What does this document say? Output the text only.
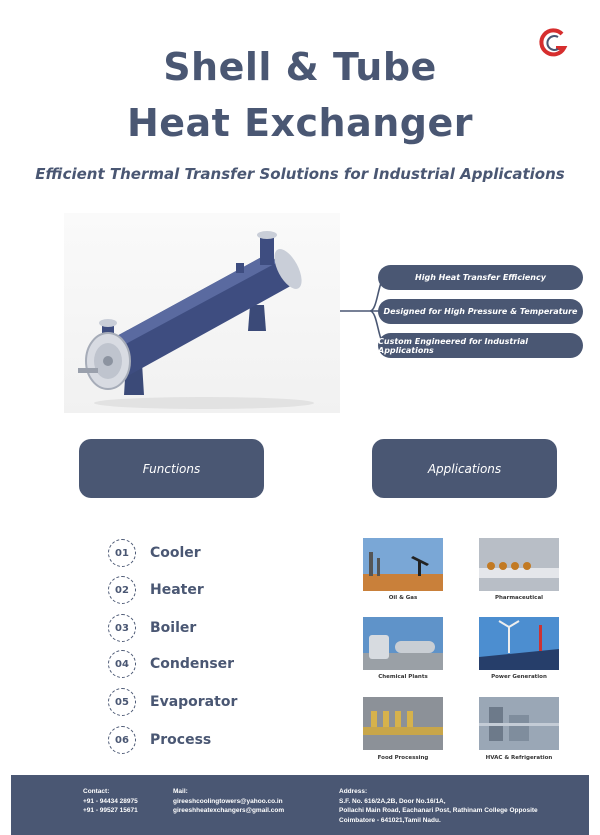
Shell & Tube
Heat Exchanger
Efficient Thermal Transfer Solutions for Industrial Applications
High Heat Transfer Efficiency
Designed for High Pressure & Temperature
Custom Engineered for Industrial Applications
Functions	Applications
01	Cooler
02	Heater
03	Boiler
04	Condenser
05	Evaporator
06	Process
Oil & Gas	Pharmaceutical
Chemical Plants	Power Generation
Food Processing	HVAC & Refrigeration
Contact:
+91 - 94434 28975
+91 - 99527 15671
Mail:
gireeshcoolingtowers@yahoo.co.in
gireeshheatexchangers@gmail.com
Address:
S.F. No. 616/2A,2B, Door No.16/1A,
Pollachi Main Road, Eachanari Post, Rathinam College Opposite
Coimbatore - 641021,Tamil Nadu.
